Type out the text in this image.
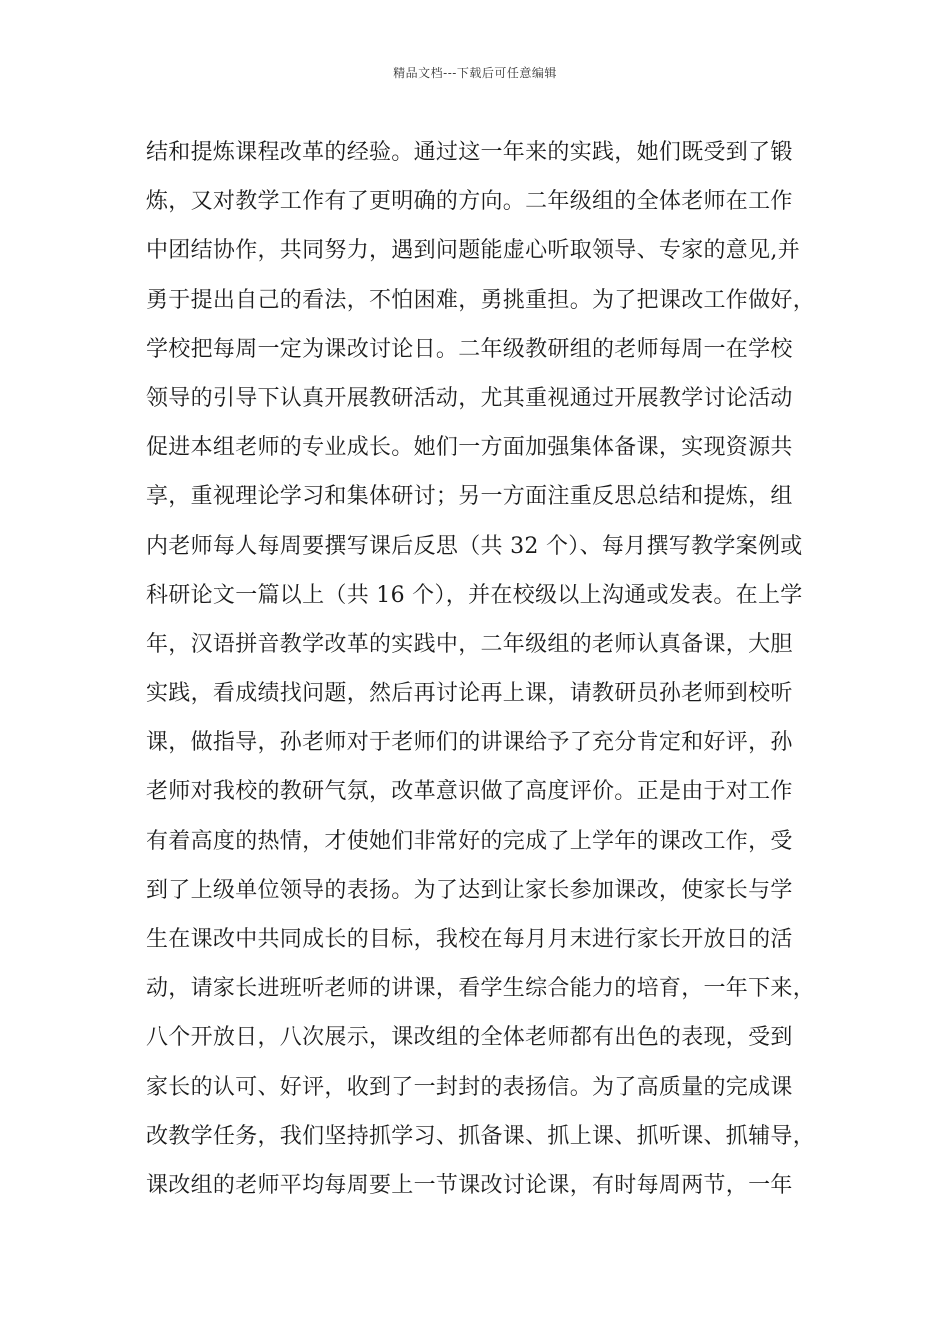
精品文档---下载后可任意编辑
结和提炼课程改革的经验。通过这一年来的实践，她们既受到了锻
炼，又对教学工作有了更明确的方向。二年级组的全体老师在工作
中团结协作，共同努力，遇到问题能虚心听取领导、专家的意见,并
勇于提出自己的看法，不怕困难，勇挑重担。为了把课改工作做好，
学校把每周一定为课改讨论日。二年级教研组的老师每周一在学校
领导的引导下认真开展教研活动，尤其重视通过开展教学讨论活动
促进本组老师的专业成长。她们一方面加强集体备课，实现资源共
享，重视理论学习和集体研讨；另一方面注重反思总结和提炼，组
内老师每人每周要撰写课后反思（共 32 个）、每月撰写教学案例或
科研论文一篇以上（共 16 个），并在校级以上沟通或发表。在上学
年，汉语拼音教学改革的实践中，二年级组的老师认真备课，大胆
实践，看成绩找问题，然后再讨论再上课，请教研员孙老师到校听
课，做指导，孙老师对于老师们的讲课给予了充分肯定和好评，孙
老师对我校的教研气氛，改革意识做了高度评价。正是由于对工作
有着高度的热情，才使她们非常好的完成了上学年的课改工作，受
到了上级单位领导的表扬。为了达到让家长参加课改，使家长与学
生在课改中共同成长的目标，我校在每月月末进行家长开放日的活
动，请家长进班听老师的讲课，看学生综合能力的培育，一年下来，
八个开放日，八次展示，课改组的全体老师都有出色的表现，受到
家长的认可、好评，收到了一封封的表扬信。为了高质量的完成课
改教学任务，我们坚持抓学习、抓备课、抓上课、抓听课、抓辅导，
课改组的老师平均每周要上一节课改讨论课，有时每周两节，一年
